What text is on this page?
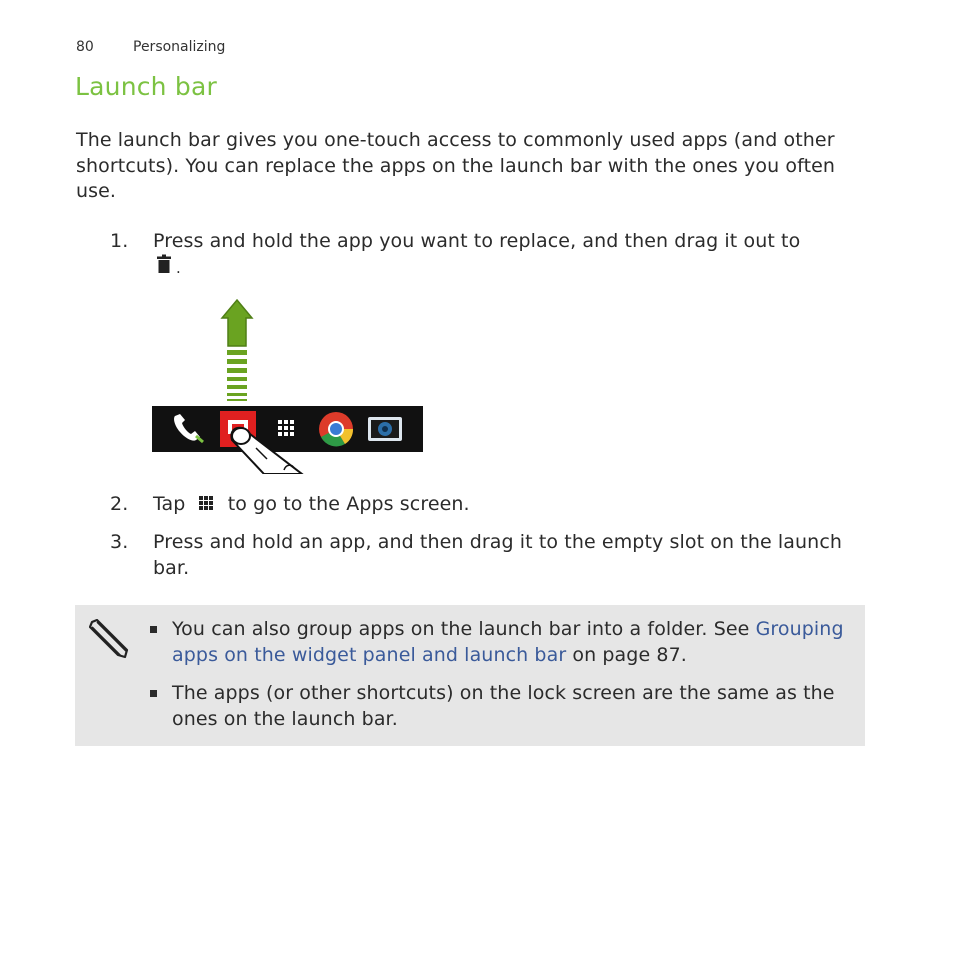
80	Personalizing
Launch bar

The launch bar gives you one-touch access to commonly used apps (and other shortcuts). You can replace the apps on the launch bar with the ones you often use.

1. Press and hold the app you want to replace, and then drag it out to
.
2. Tap to go to the Apps screen.
3. Press and hold an app, and then drag it to the empty slot on the launch bar.
You can also group apps on the launch bar into a folder. See Grouping apps on the widget panel and launch bar on page 87.
The apps (or other shortcuts) on the lock screen are the same as the ones on the launch bar.
